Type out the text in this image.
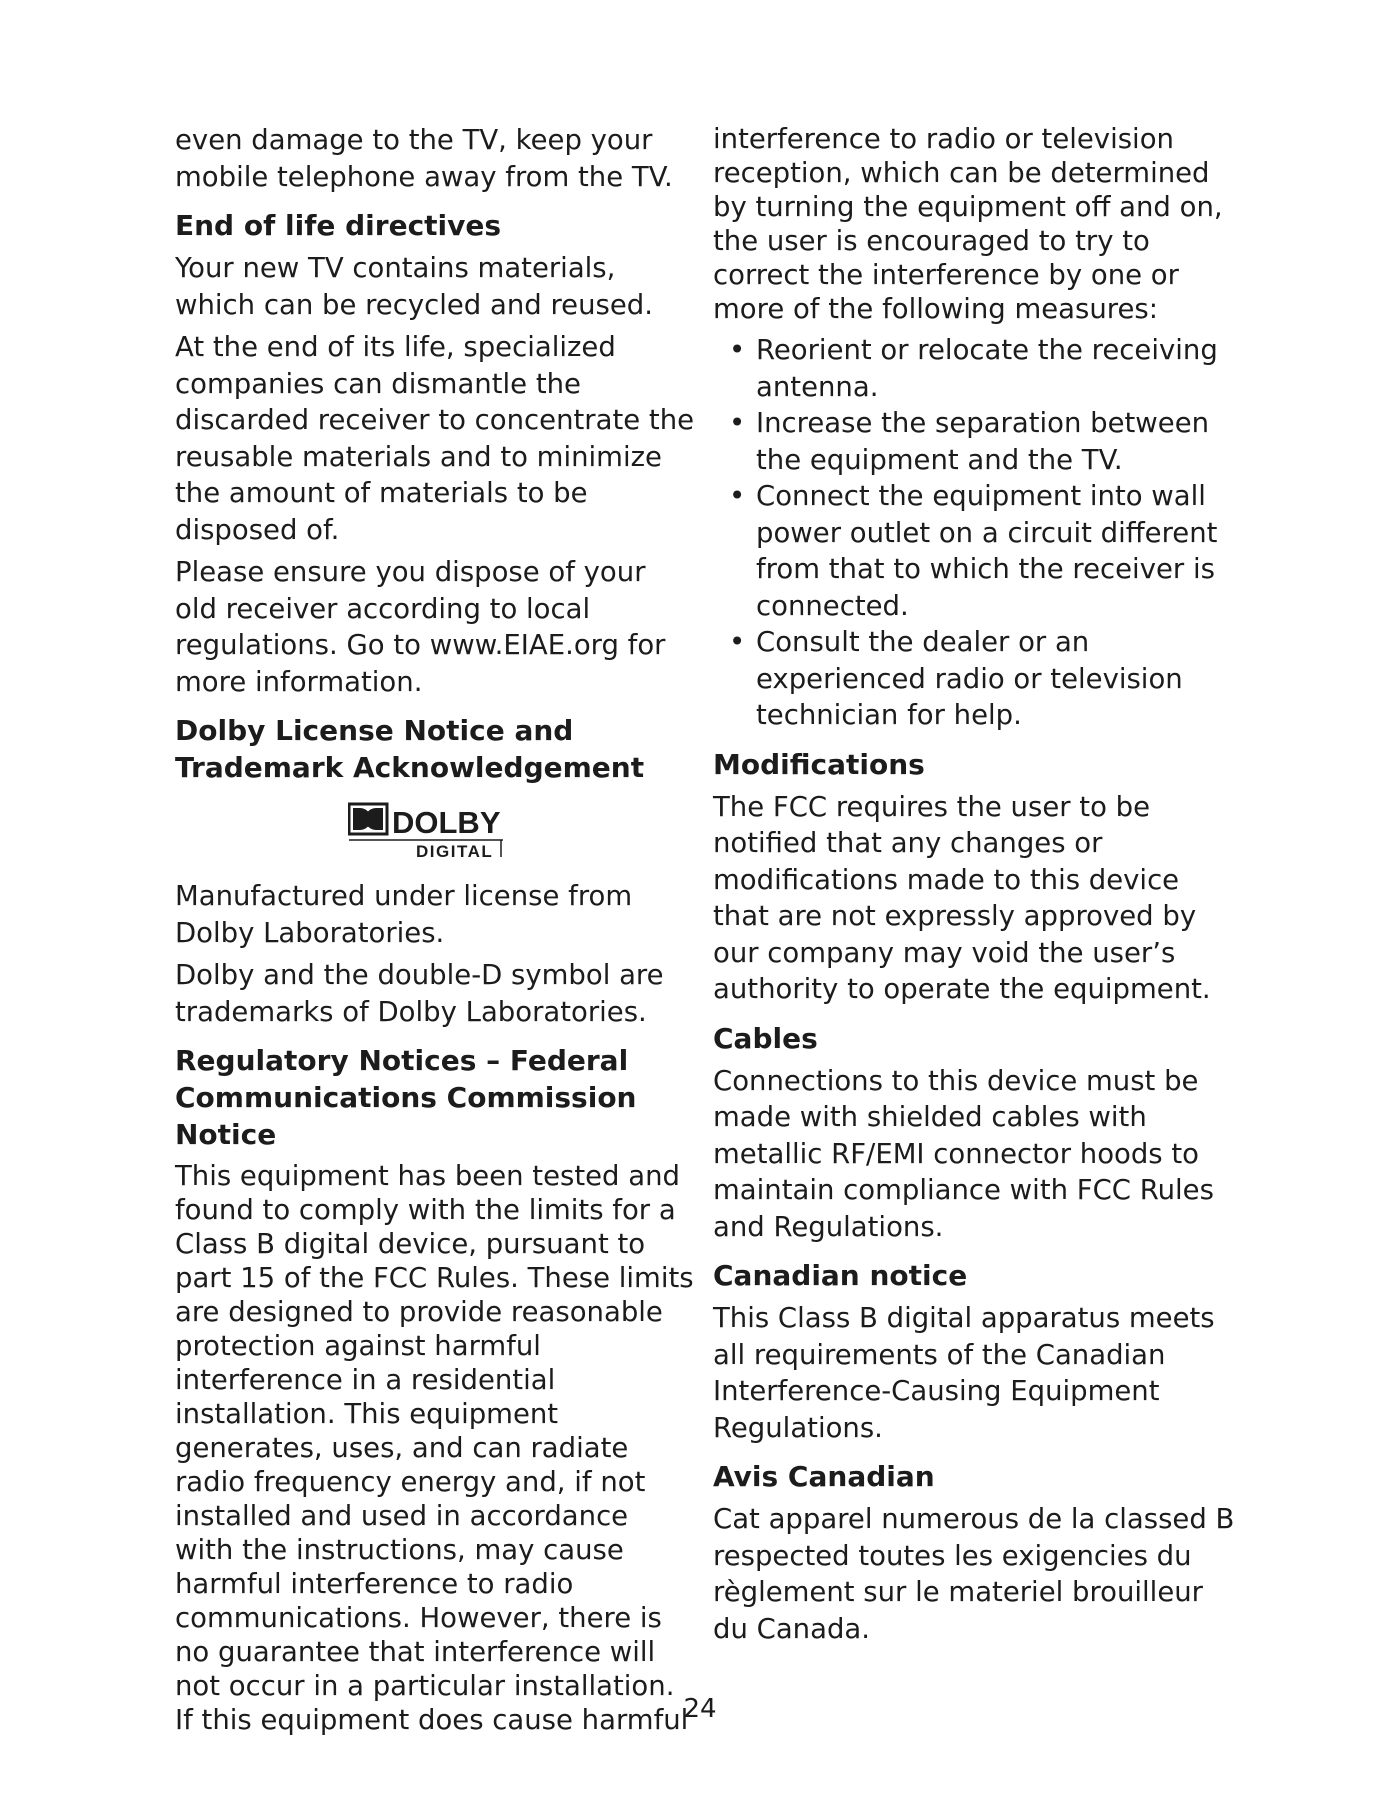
even damage to the TV, keep your mobile telephone away from the TV.

End of life directives

Your new TV contains materials, which can be recycled and reused.

At the end of its life, specialized companies can dismantle the discarded receiver to concentrate the reusable materials and to minimize the amount of materials to be disposed of.

Please ensure you dispose of your old receiver according to local regulations. Go to www.EIAE.org for more information.

Dolby License Notice and Trademark Acknowledgement
DOLBY
DIGITAL

Manufactured under license from Dolby Laboratories.

Dolby and the double-D symbol are trademarks of Dolby Laboratories.

Regulatory Notices – Federal Communications Commission Notice

This equipment has been tested and found to comply with the limits for a Class B digital device, pursuant to part 15 of the FCC Rules. These limits are designed to provide reasonable protection against harmful interference in a residential installation. This equipment generates, uses, and can radiate radio frequency energy and, if not installed and used in accordance with the instructions, may cause harmful interference to radio communications. However, there is no guarantee that interference will not occur in a particular installation. If this equipment does cause harmful

interference to radio or television reception, which can be determined by turning the equipment off and on, the user is encouraged to try to correct the interference by one or more of the following measures:

• Reorient or relocate the receiving antenna.
• Increase the separation between the equipment and the TV.
• Connect the equipment into wall power outlet on a circuit different from that to which the receiver is connected.
• Consult the dealer or an experienced radio or television technician for help.
Modifications

The FCC requires the user to be notified that any changes or modifications made to this device that are not expressly approved by our company may void the user’s authority to operate the equipment.

Cables

Connections to this device must be made with shielded cables with metallic RF/EMI connector hoods to maintain compliance with FCC Rules and Regulations.

Canadian notice

This Class B digital apparatus meets all requirements of the Canadian Interference-Causing Equipment Regulations.

Avis Canadian

Cat apparel numerous de la classed B respected toutes les exigencies du règlement sur le materiel brouilleur du Canada.

24
